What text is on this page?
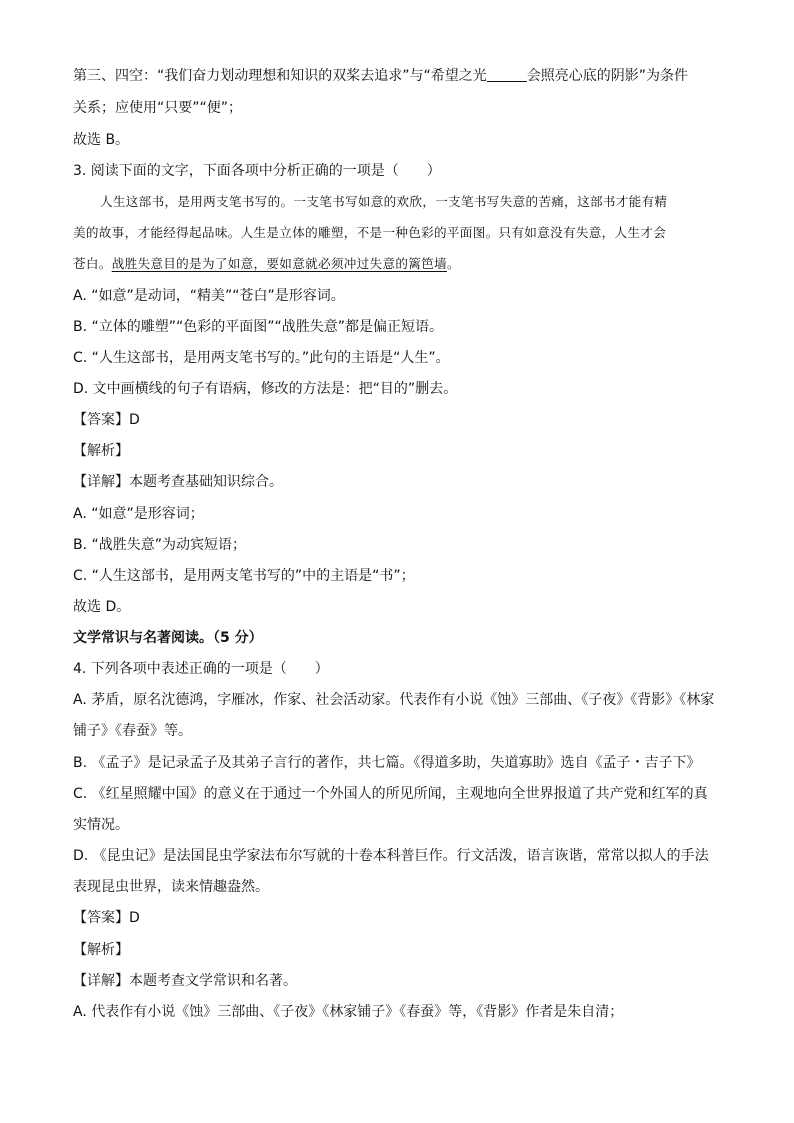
第三、四空：“我们奋力划动理想和知识的双桨去追求”与“希望之光	会照亮心底的阴影”为条件
关系；应使用“只要”“便”；
故选 B。
3. 阅读下面的文字，下面各项中分析正确的一项是（　　）
人生这部书，是用两支笔书写的。一支笔书写如意的欢欣，一支笔书写失意的苦痛，这部书才能有精
美的故事，才能经得起品味。人生是立体的雕塑，不是一种色彩的平面图。只有如意没有失意，人生才会
苍白。战胜失意目的是为了如意，要如意就必须冲过失意的篱笆墙。
A. “如意”是动词，“精美”“苍白”是形容词。
B. “立体的雕塑”“色彩的平面图”“战胜失意”都是偏正短语。
C. “人生这部书，是用两支笔书写的。”此句的主语是“人生”。
D. 文中画横线的句子有语病，修改的方法是：把“目的”删去。
【答案】D
【解析】
【详解】本题考查基础知识综合。
A. “如意”是形容词；
B. “战胜失意”为动宾短语；
C. “人生这部书，是用两支笔书写的”中的主语是“书”；
故选 D。
文学常识与名著阅读。（5 分）
4. 下列各项中表述正确的一项是（　　）
A. 茅盾，原名沈德鸿，字雁冰，作家、社会活动家。代表作有小说《蚀》三部曲、《子夜》《背影》《林家
铺子》《春蚕》等。
B. 《孟子》是记录孟子及其弟子言行的著作，共七篇。《得道多助，失道寡助》选自《孟子・吉子下》
C. 《红星照耀中国》的意义在于通过一个外国人的所见所闻，主观地向全世界报道了共产党和红军的真
实情况。
D. 《昆虫记》是法国昆虫学家法布尔写就的十卷本科普巨作。行文活泼，语言诙谐，常常以拟人的手法
表现昆虫世界，读来情趣盎然。
【答案】D
【解析】
【详解】本题考查文学常识和名著。
A. 代表作有小说《蚀》三部曲、《子夜》《林家铺子》《春蚕》等，《背影》作者是朱自清；
